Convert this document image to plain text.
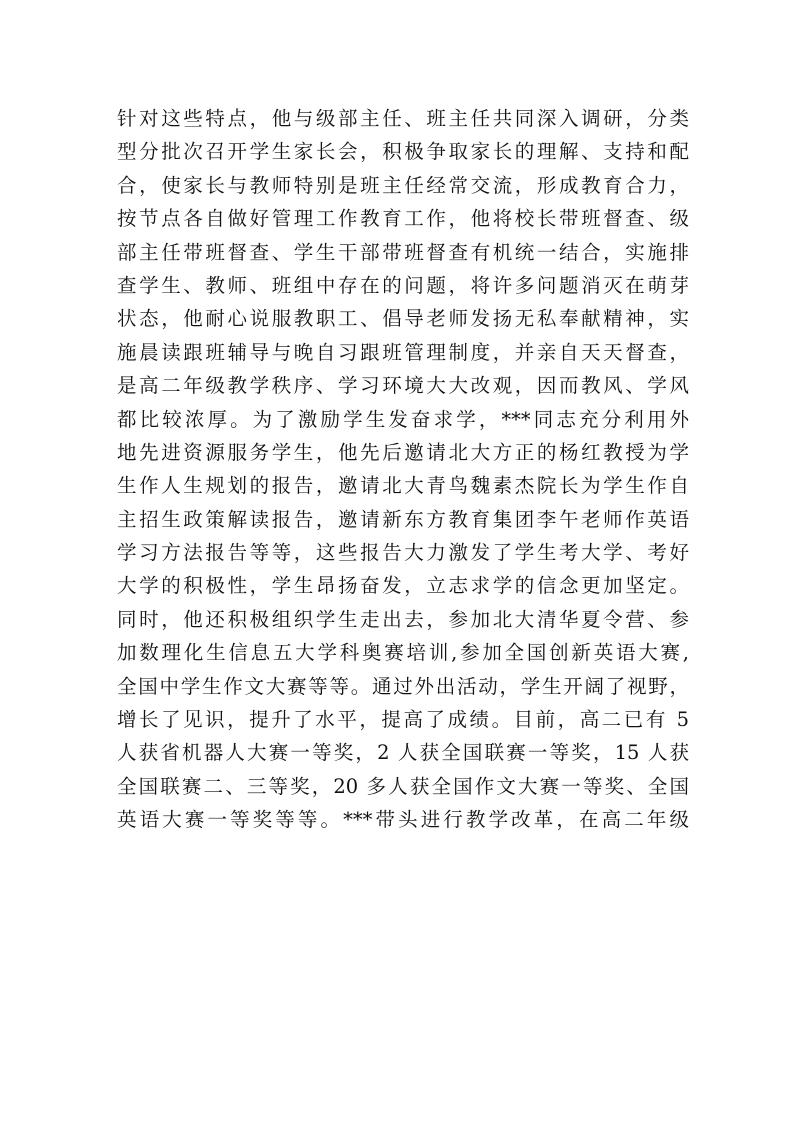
针对这些特点，他与级部主任、班主任共同深入调研，分类
型分批次召开学生家长会，积极争取家长的理解、支持和配
合，使家长与教师特别是班主任经常交流，形成教育合力，
按节点各自做好管理工作教育工作，他将校长带班督查、级
部主任带班督查、学生干部带班督查有机统一结合，实施排
查学生、教师、班组中存在的问题，将许多问题消灭在萌芽
状态，他耐心说服教职工、倡导老师发扬无私奉献精神，实
施晨读跟班辅导与晚自习跟班管理制度，并亲自天天督查，
是高二年级教学秩序、学习环境大大改观，因而教风、学风
都比较浓厚。为了激励学生发奋求学，***同志充分利用外
地先进资源服务学生，他先后邀请北大方正的杨红教授为学
生作人生规划的报告，邀请北大青鸟魏素杰院长为学生作自
主招生政策解读报告，邀请新东方教育集团李午老师作英语
学习方法报告等等，这些报告大力激发了学生考大学、考好
大学的积极性，学生昂扬奋发，立志求学的信念更加坚定。
同时，他还积极组织学生走出去，参加北大清华夏令营、参
加数理化生信息五大学科奥赛培训,参加全国创新英语大赛,
全国中学生作文大赛等等。通过外出活动，学生开阔了视野，
增长了见识，提升了水平，提高了成绩。目前，高二已有 5
人获省机器人大赛一等奖，2 人获全国联赛一等奖，15 人获
全国联赛二、三等奖，20 多人获全国作文大赛一等奖、全国
英语大赛一等奖等等。***带头进行教学改革，在高二年级
